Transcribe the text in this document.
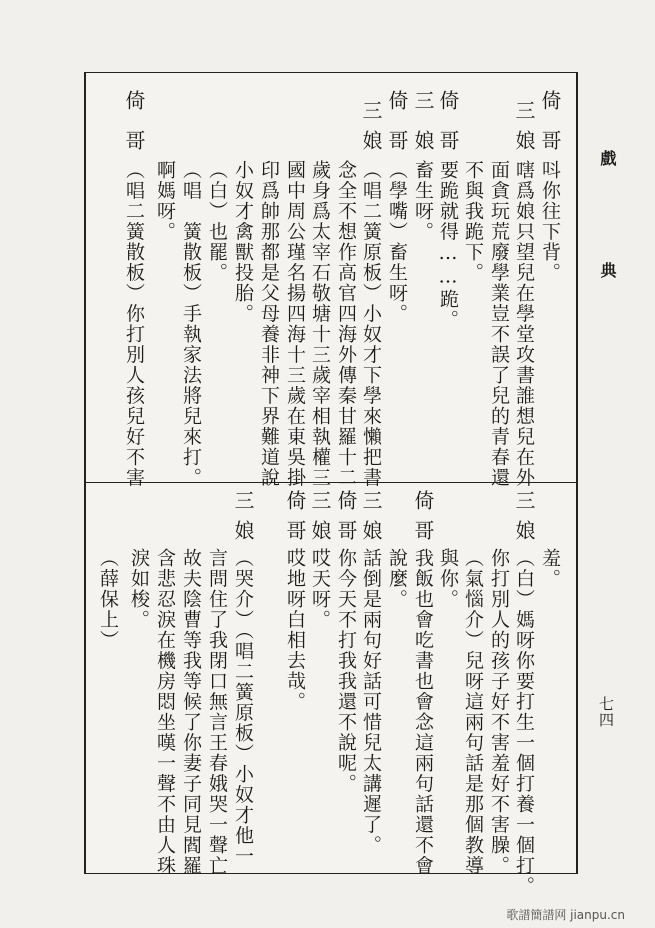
戲
典
七四
倚
哥
呌你往下背。
三
娘
嗐爲娘只望兒在學堂攻書誰想兒在外
面貪玩荒廢學業豈不誤了兒的青春還
不與我跪下。
倚
哥
要跪就得……跪。
三
娘
畜生呀。
倚
哥
（學嘴）畜生呀。
三
娘
（唱二簧原板）小奴才下學來懶把書
念全不想作高官四海外傳秦甘羅十二
歲身爲太宰石敬塘十三歲宰相執權三
國中周公瑾名揚四海十三歲在東吳掛
印爲帥那都是父母養非神下界難道說
小奴才禽獸投胎。
（白）也罷。
（唱　簧散板）手執家法將兒來打。
啊媽呀。
倚
哥
（唱二簧散板）你打別人孩兒好不害
羞。
三
娘
（白）媽呀你要打生一個打養一個打。
你打別人的孩子好不害羞好不害臊。
（氣惱介）兒呀這兩句話是那個教導
與你。
倚
哥
我飯也會吃書也會念這兩句話還不會
說麼。
三
娘
話倒是兩句好話可惜兒太講遲了。
倚
哥
你今天不打我我還不說呢。
三
娘
哎天呀。
倚
哥
哎地呀白相去哉。
三
娘
（哭介）（唱二簧原板）小奴才他一
言問住了我閉口無言王春娥哭一聲亡
故夫陰曹等我等候了你妻子同見閻羅
含悲忍淚在機房悶坐嘆一聲不由人珠
淚如梭。
（薛保上）
歌譜簡譜网 jianpu.cn
